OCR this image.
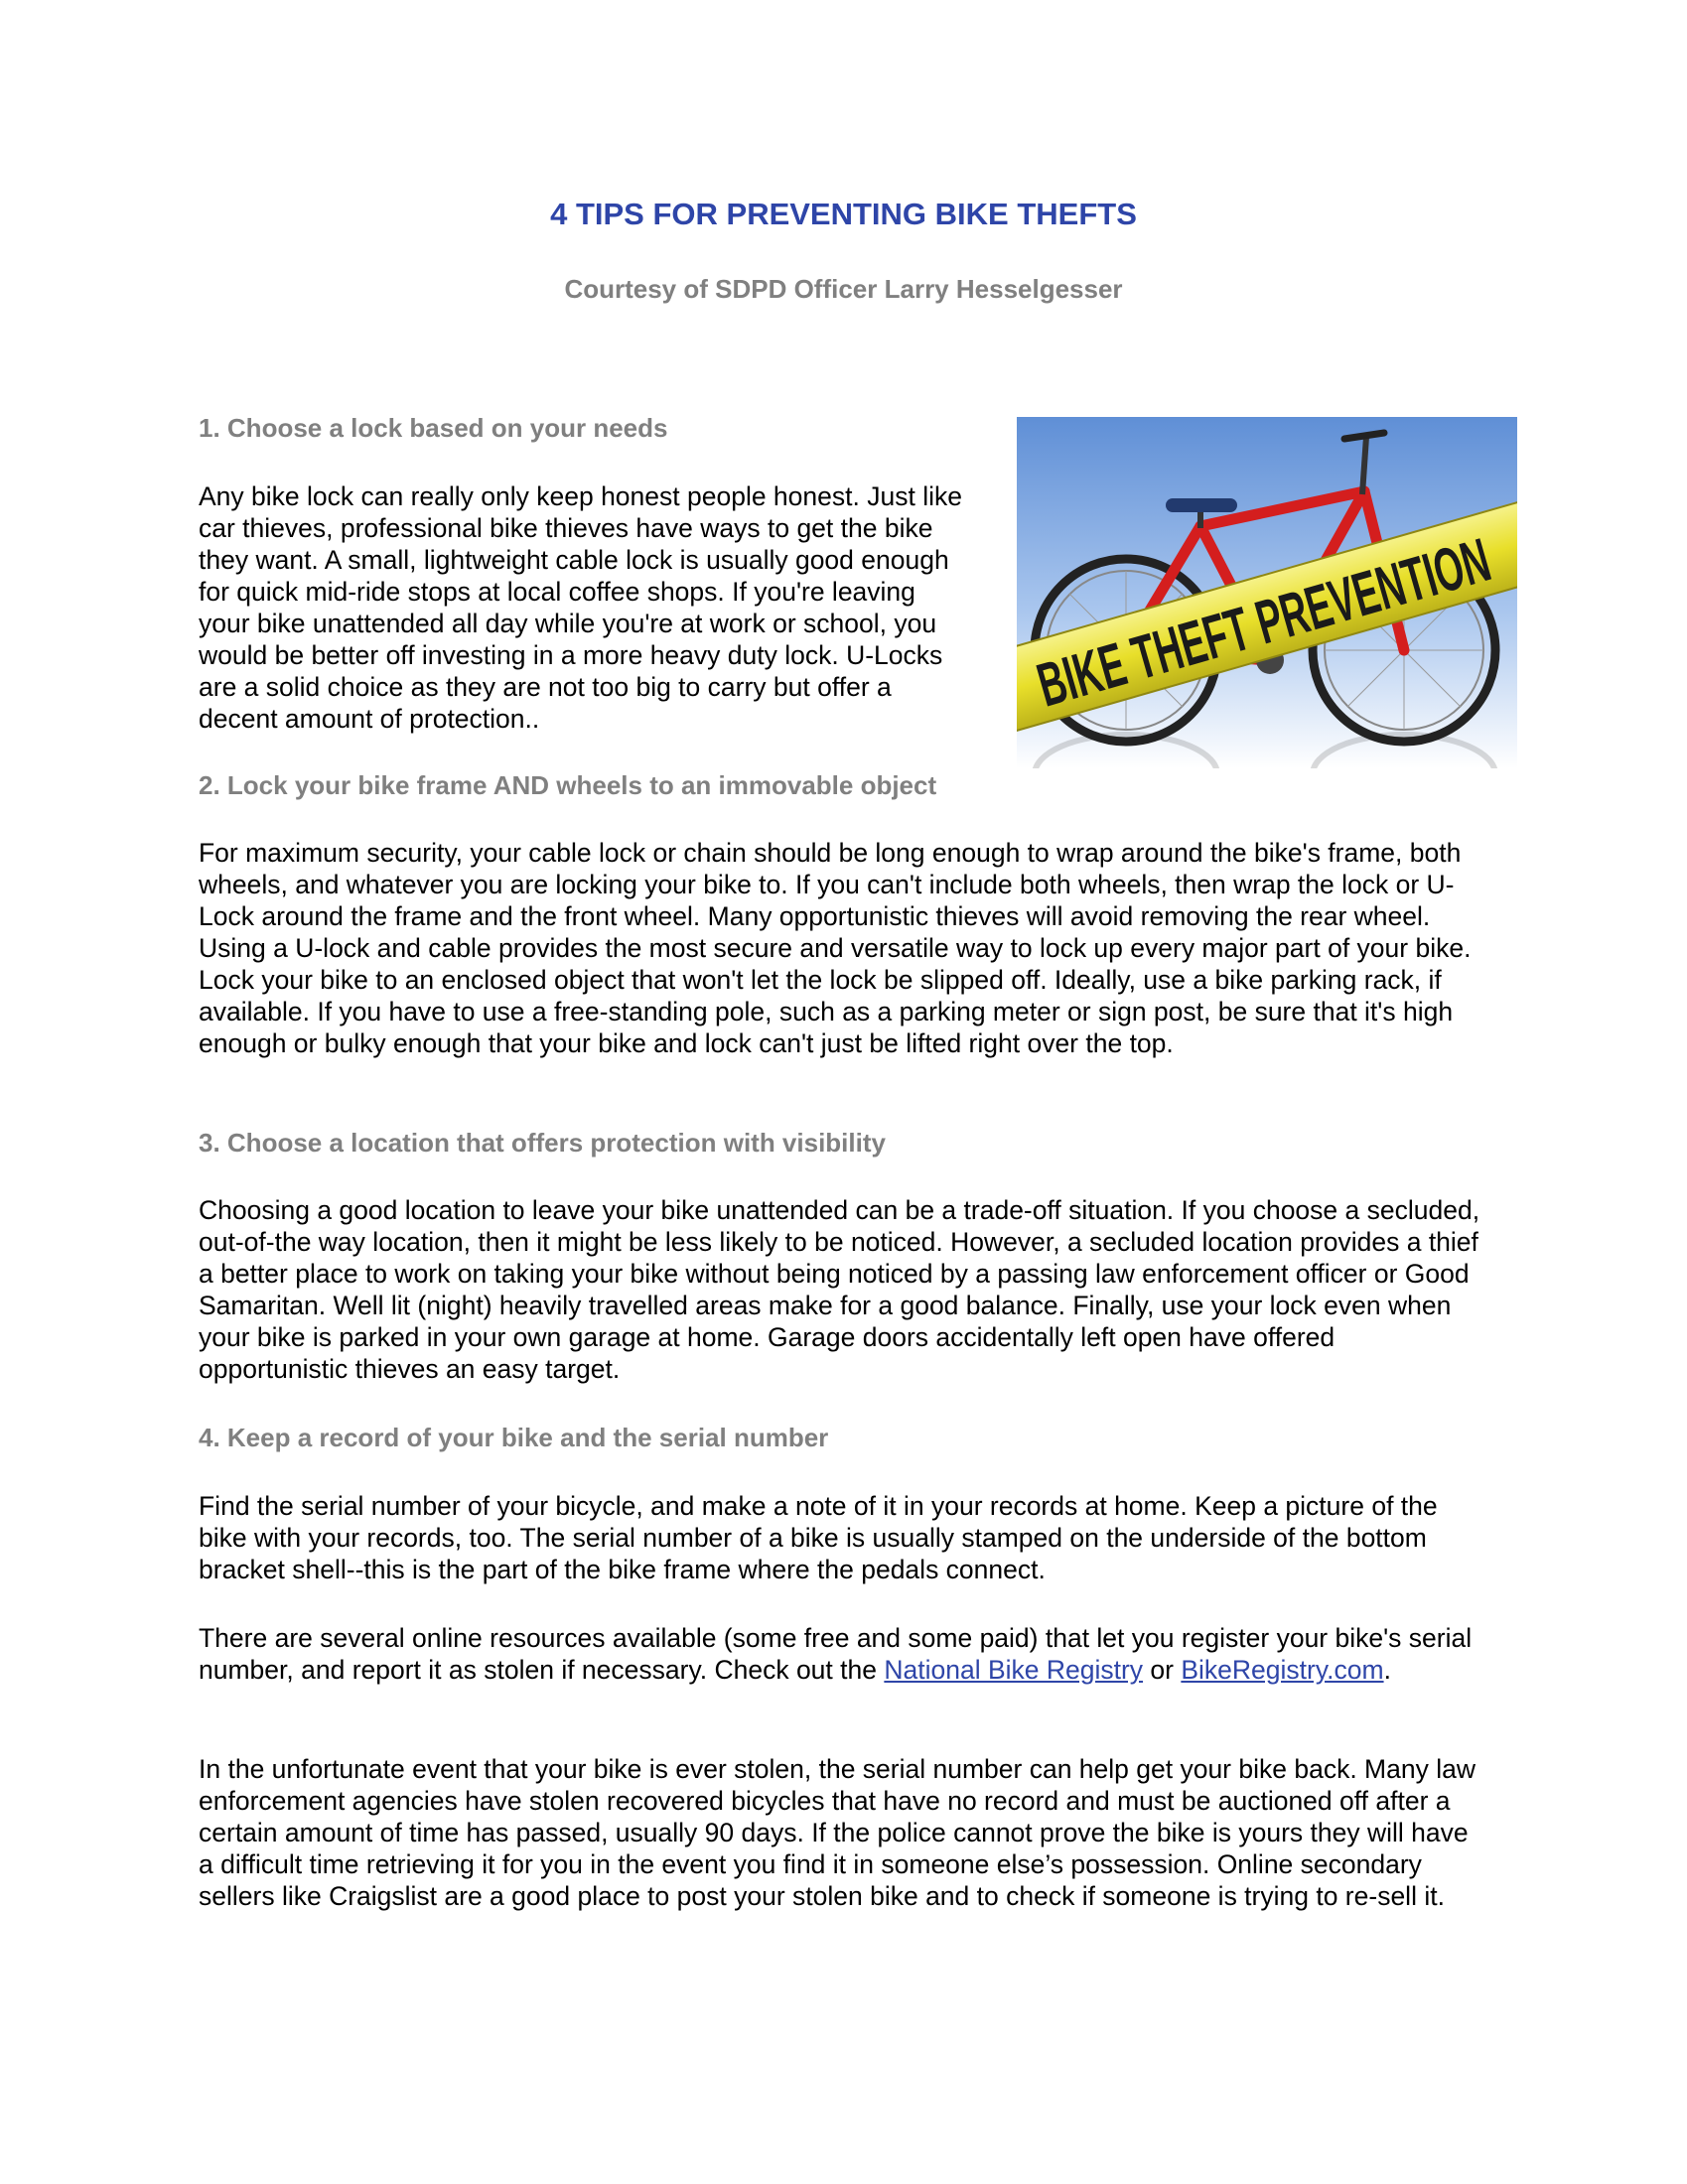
4 TIPS FOR PREVENTING BIKE THEFTS
Courtesy of SDPD Officer Larry Hesselgesser
1. Choose a lock based on your needs

Any bike lock can really only keep honest people honest. Just like car thieves, professional bike thieves have ways to get the bike they want. A small, lightweight cable lock is usually good enough for quick mid-ride stops at local coffee shops. If you're leaving your bike unattended all day while you're at work or school, you would be better off investing in a more heavy duty lock. U-Locks are a solid choice as they are not too big to carry but offer a decent amount of protection..

2. Lock your bike frame AND wheels to an immovable object

For maximum security, your cable lock or chain should be long enough to wrap around the bike's frame, both wheels, and whatever you are locking your bike to. If you can't include both wheels, then wrap the lock or U-Lock around the frame and the front wheel. Many opportunistic thieves will avoid removing the rear wheel. Using a U-lock and cable provides the most secure and versatile way to lock up every major part of your bike. Lock your bike to an enclosed object that won't let the lock be slipped off. Ideally, use a bike parking rack, if available. If you have to use a free-standing pole, such as a parking meter or sign post, be sure that it's high enough or bulky enough that your bike and lock can't just be lifted right over the top.

3. Choose a location that offers protection with visibility

Choosing a good location to leave your bike unattended can be a trade-off situation. If you choose a secluded, out-of-the way location, then it might be less likely to be noticed. However, a secluded location provides a thief a better place to work on taking your bike without being noticed by a passing law enforcement officer or Good Samaritan. Well lit (night) heavily travelled areas make for a good balance. Finally, use your lock even when your bike is parked in your own garage at home. Garage doors accidentally left open have offered opportunistic thieves an easy target.

4. Keep a record of your bike and the serial number

Find the serial number of your bicycle, and make a note of it in your records at home. Keep a picture of the bike with your records, too. The serial number of a bike is usually stamped on the underside of the bottom bracket shell--this is the part of the bike frame where the pedals connect.

There are several online resources available (some free and some paid) that let you register your bike's serial number, and report it as stolen if necessary. Check out the National Bike Registry or BikeRegistry.com.

In the unfortunate event that your bike is ever stolen, the serial number can help get your bike back. Many law enforcement agencies have stolen recovered bicycles that have no record and must be auctioned off after a certain amount of time has passed, usually 90 days. If the police cannot prove the bike is yours they will have a difficult time retrieving it for you in the event you find it in someone else’s possession. Online secondary sellers like Craigslist are a good place to post your stolen bike and to check if someone is trying to re-sell it.
